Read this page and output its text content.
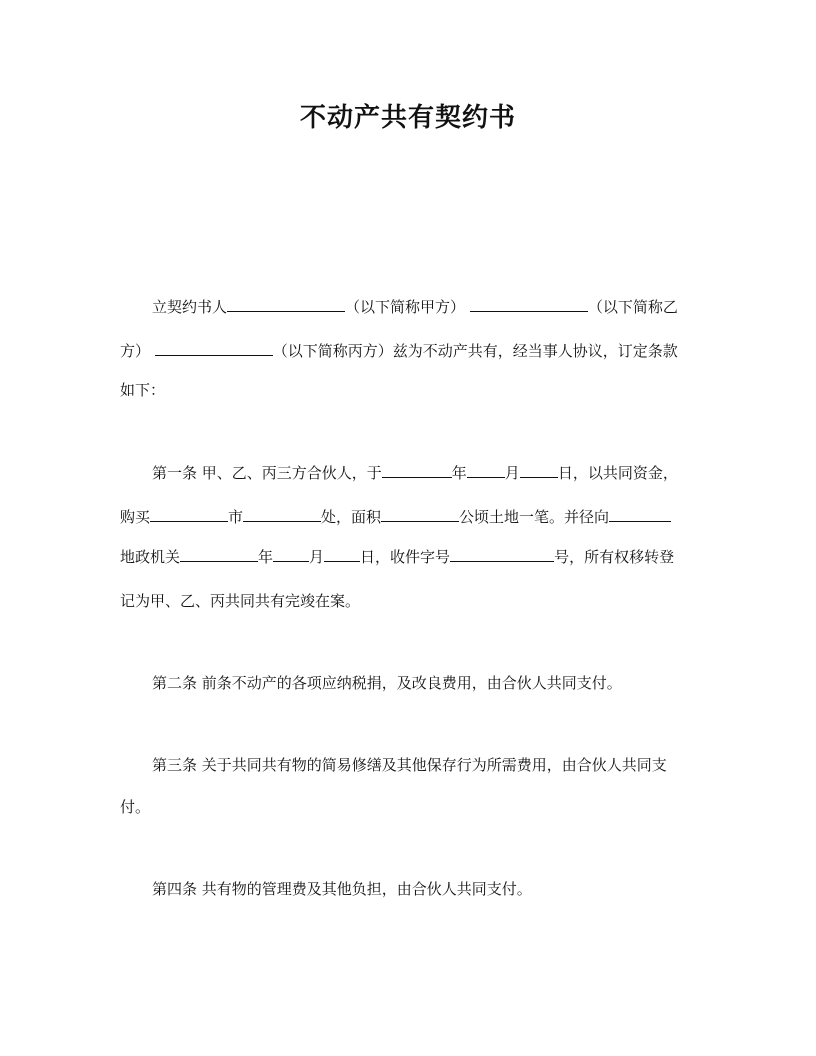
不动产共有契约书
立契约书人	（以下简称甲方）	（以下简称乙
方）	（以下简称丙方）兹为不动产共有，经当事人协议，订定条款
如下：
第一条 甲、乙、丙三方合伙人，于	年	月	日，以共同资金，
购买	市	处，面积	公顷土地一笔。并径向
地政机关	年 月 日，收件字号	号，所有权移转登
记为甲、乙、丙共同共有完竣在案。
第二条 前条不动产的各项应纳税捐，及改良费用，由合伙人共同支付。
第三条 关于共同共有物的简易修缮及其他保存行为所需费用，由合伙人共同支
付。
第四条 共有物的管理费及其他负担，由合伙人共同支付。
